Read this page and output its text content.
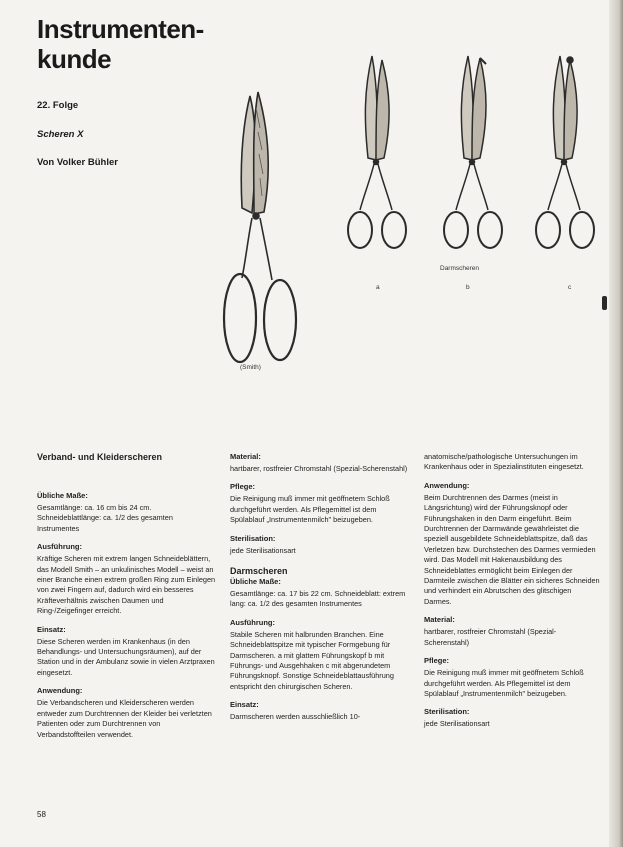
Instrumenten-
kunde
22. Folge
Scheren X
Von Volker Bühler
(Smith)
a
Darmscheren
b	c
Verband- und Kleiderscheren
Übliche Maße:

Gesamtlänge: ca. 16 cm bis 24 cm. Schneideblattlänge: ca. 1/2 des gesamten Instrumentes

Ausführung:

Kräftige Scheren mit extrem langen Schneideblättern, das Modell Smith – an unkulinisches Modell – weist an einer Branche einen extrem großen Ring zum Einlegen von zwei Fingern auf, dadurch wird ein besseres Kräfteverhältnis zwischen Daumen und Ring-/Zeigefinger erreicht.

Einsatz:

Diese Scheren werden im Krankenhaus (in den Behandlungs- und Untersuchungsräumen), auf der Station und in der Ambulanz sowie in vielen Arztpraxen eingesetzt.

Anwendung:

Die Verbandscheren und Kleiderscheren werden entweder zum Durchtrennen der Kleider bei verletzten Patienten oder zum Durchtrennen von Verbandstoffteilen verwendet.

Material:

hartbarer, rostfreier Chromstahl (Spezial-Scherenstahl)

Pflege:

Die Reinigung muß immer mit geöffnetem Schloß durchgeführt werden. Als Pflegemittel ist dem Spülablauf „Instrumentenmilch" beizugeben.

Sterilisation:

jede Sterilisationsart

Darmscheren
Übliche Maße:

Gesamtlänge: ca. 17 bis 22 cm. Schneideblatt: extrem lang: ca. 1/2 des gesamten Instrumentes

Ausführung:

Stabile Scheren mit halbrunden Branchen. Eine Schneideblattspitze mit typischer Formgebung für Darmscheren. a mit glattem Führungskopf b mit Führungs- und Ausgehhaken c mit abgerundetem Führungsknopf. Sonstige Schneideblattausführung entspricht den chirurgischen Scheren.

Einsatz:

Darmscheren werden ausschließlich 10-

anatomische/pathologische Untersuchungen im Krankenhaus oder in Spezialinstituten eingesetzt.

Anwendung:

Beim Durchtrennen des Darmes (meist in Längsrichtung) wird der Führungsknopf oder Führungshaken in den Darm eingeführt. Beim Durchtrennen der Darmwände gewährleistet die speziell ausgebildete Schneideblattspitze, daß das Verletzen bzw. Durchstechen des Darmes vermieden wird. Das Modell mit Hakenausbildung des Schneideblattes ermöglicht beim Einlegen der Darmteile zwischen die Blätter ein sicheres Schneiden und verhindert ein Abrutschen des glitschigen Darmes.

Material:

hartbarer, rostfreier Chromstahl (Spezial-Scherenstahl)

Pflege:

Die Reinigung muß immer mit geöffnetem Schloß durchgeführt werden. Als Pflegemittel ist dem Spülablauf „Instrumentenmilch" beizugeben.

Sterilisation:

jede Sterilisationsart

58
